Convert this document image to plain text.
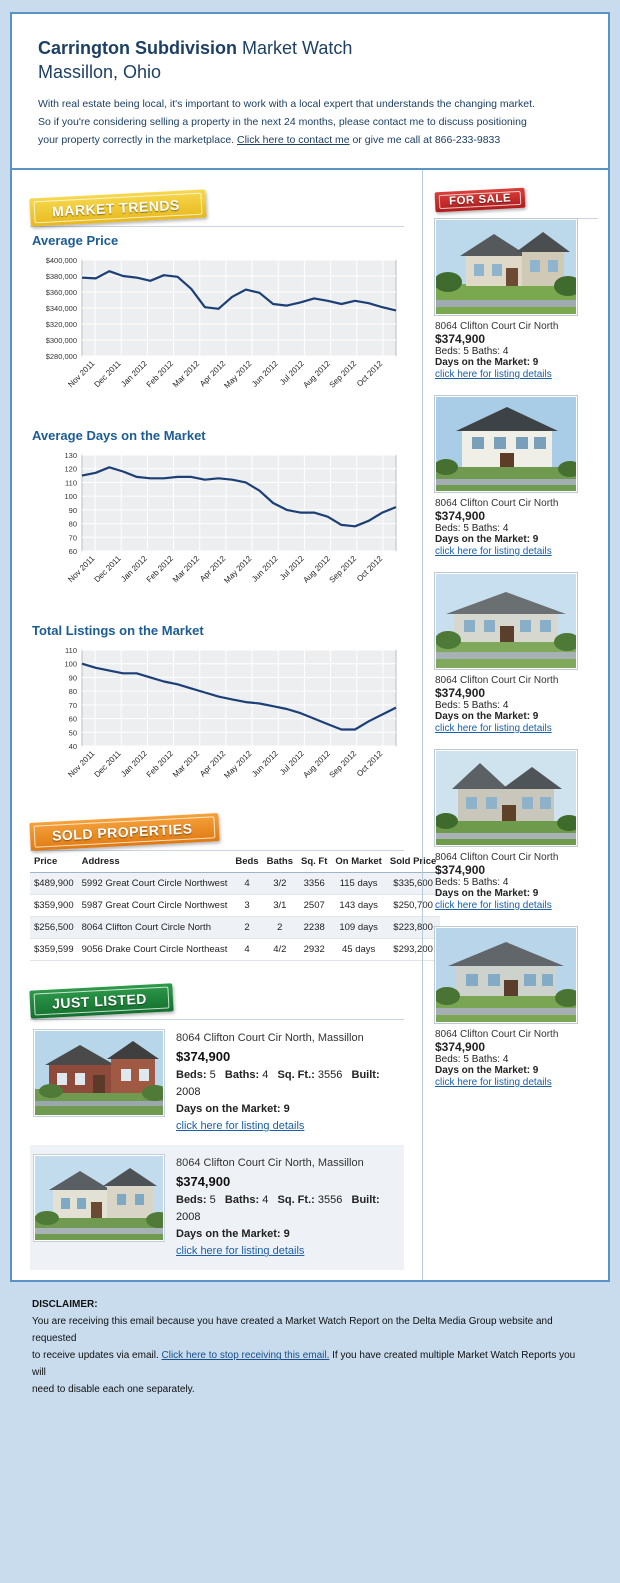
Carrington Subdivision Market Watch
Massillon, Ohio
With real estate being local, it's important to work with a local expert that understands the changing market.
So if you're considering selling a property in the next 24 months, please contact me to discuss positioning
your property correctly in the marketplace. Click here to contact me or give me call at 866-233-9833
MARKET TRENDS
Average Price
$280,000
$300,000
$320,000
$340,000
$360,000
$380,000
$400,000
Nov 2011
Dec 2011
Jan 2012
Feb 2012
Mar 2012
Apr 2012
May 2012
Jun 2012
Jul 2012
Aug 2012
Sep 2012
Oct 2012
Average Days on the Market
130
120
110
100
90
80
70
60
Nov 2011
Dec 2011
Jan 2012
Feb 2012
Mar 2012
Apr 2012
May 2012
Jun 2012
Jul 2012
Aug 2012
Sep 2012
Oct 2012
Total Listings on the Market
110
100
90
80
70
60
50
40
Nov 2011
Dec 2011
Jan 2012
Feb 2012
Mar 2012
Apr 2012
May 2012
Jun 2012
Jul 2012
Aug 2012
Sep 2012
Oct 2012
SOLD PROPERTIES
Price	Address	Beds	Baths	Sq. Ft	On Market	Sold Price
$489,900	5992 Great Court Circle Northwest	4	3/2	3356	115 days	$335,600
$359,900	5987 Great Court Circle Northwest	3	3/1	2507	143 days	$250,700
$256,500	8064 Clifton Court Circle North	2	2	2238	109 days	$223,800
$359,599	9056 Drake Court Circle Northeast	4	4/2	2932	45 days	$293,200
JUST LISTED
8064 Clifton Court Cir North, Massillon
$374,900
Beds: 5 Baths: 4 Sq. Ft.: 3556 Built: 2008
Days on the Market: 9
click here for listing details
8064 Clifton Court Cir North, Massillon
$374,900
Beds: 5 Baths: 4 Sq. Ft.: 3556 Built: 2008
Days on the Market: 9
click here for listing details
FOR SALE
8064 Clifton Court Cir North
$374,900
Beds: 5 Baths: 4
Days on the Market: 9
click here for listing details
8064 Clifton Court Cir North
$374,900
Beds: 5 Baths: 4
Days on the Market: 9
click here for listing details
8064 Clifton Court Cir North
$374,900
Beds: 5 Baths: 4
Days on the Market: 9
click here for listing details
8064 Clifton Court Cir North
$374,900
Beds: 5 Baths: 4
Days on the Market: 9
click here for listing details
8064 Clifton Court Cir North
$374,900
Beds: 5 Baths: 4
Days on the Market: 9
click here for listing details
DISCLAIMER:
You are receiving this email because you have created a Market Watch Report on the Delta Media Group website and requested
to receive updates via email. Click here to stop receiving this email. If you have created multiple Market Watch Reports you will
need to disable each one separately.
